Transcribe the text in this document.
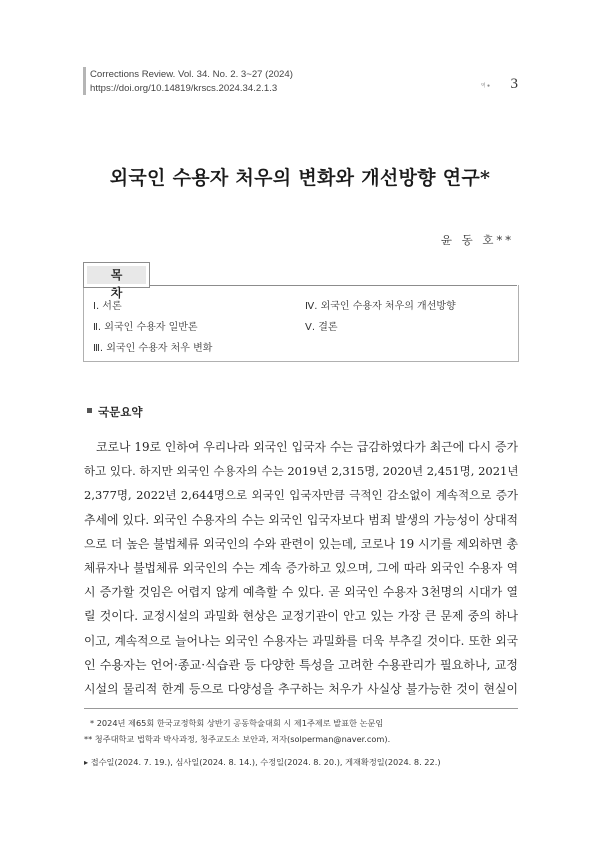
Corrections Review. Vol. 34. No. 2. 3~27 (2024)
https://doi.org/10.14819/krscs.2024.34.2.1.3	역 ● 3
외국인 수용자 처우의 변화와 개선방향 연구*
윤 동 호**
목 차
Ⅰ. 서론
Ⅱ. 외국인 수용자 일반론
Ⅲ. 외국인 수용자 처우 변화
Ⅳ. 외국인 수용자 처우의 개선방향
Ⅴ. 결론
국문요약
코로나 19로 인하여 우리나라 외국인 입국자 수는 급감하였다가 최근에 다시 증가
하고 있다. 하지만 외국인 수용자의 수는 2019년 2,315명, 2020년 2,451명, 2021년
2,377명, 2022년 2,644명으로 외국인 입국자만큼 극적인 감소없이 계속적으로 증가
추세에 있다. 외국인 수용자의 수는 외국인 입국자보다 범죄 발생의 가능성이 상대적
으로 더 높은 불법체류 외국인의 수와 관련이 있는데, 코로나 19 시기를 제외하면 총
체류자나 불법체류 외국인의 수는 계속 증가하고 있으며, 그에 따라 외국인 수용자 역
시 증가할 것임은 어렵지 않게 예측할 수 있다. 곧 외국인 수용자 3천명의 시대가 열
릴 것이다. 교정시설의 과밀화 현상은 교정기관이 안고 있는 가장 큰 문제 중의 하나
이고, 계속적으로 늘어나는 외국인 수용자는 과밀화를 더욱 부추길 것이다. 또한 외국
인 수용자는 언어·종교·식습관 등 다양한 특성을 고려한 수용관리가 필요하나, 교정
시설의 물리적 한계 등으로 다양성을 추구하는 처우가 사실상 불가능한 것이 현실이
* 2024년 제65회 한국교정학회 상반기 공동학술대회 시 제1주제로 발표한 논문임
** 청주대학교 법학과 박사과정, 청주교도소 보안과, 저자(solperman@naver.com).
▸ 접수일(2024. 7. 19.), 심사일(2024. 8. 14.), 수정일(2024. 8. 20.), 게재확정일(2024. 8. 22.)
